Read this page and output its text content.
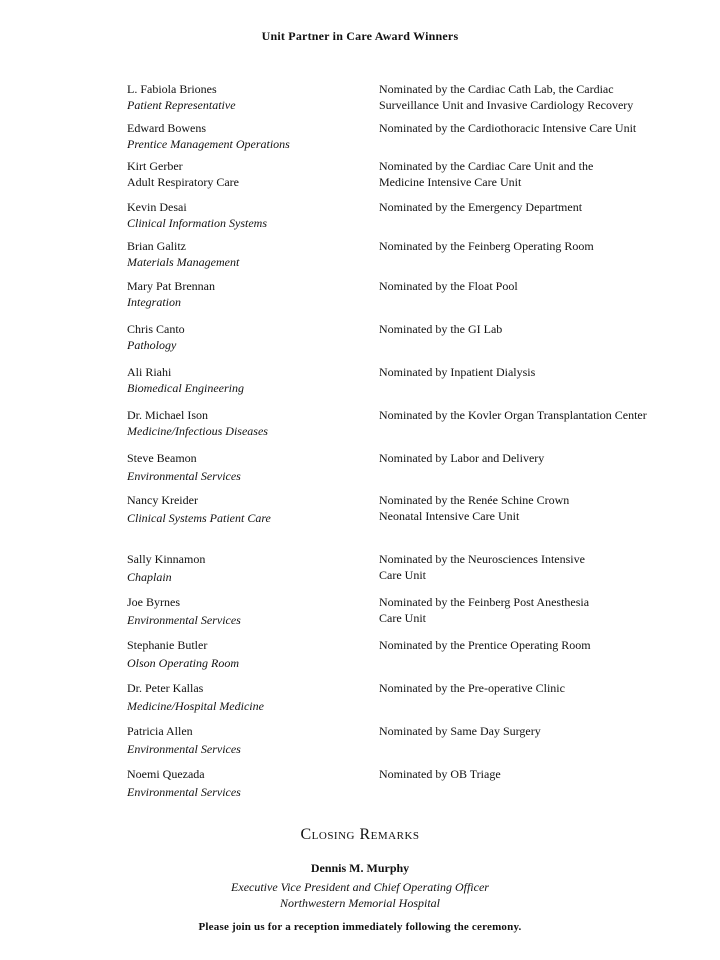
Unit Partner in Care Award Winners
L. Fabiola Briones
Patient Representative
Nominated by the Cardiac Cath Lab, the Cardiac
Surveillance Unit and Invasive Cardiology Recovery
Edward Bowens
Prentice Management Operations
Nominated by the Cardiothoracic Intensive Care Unit
Kirt Gerber
Adult Respiratory Care
Nominated by the Cardiac Care Unit and the
Medicine Intensive Care Unit
Kevin Desai
Clinical Information Systems
Nominated by the Emergency Department
Brian Galitz
Materials Management
Nominated by the Feinberg Operating Room
Mary Pat Brennan
Integration
Nominated by the Float Pool
Chris Canto
Pathology
Nominated by the GI Lab
Ali Riahi
Biomedical Engineering
Nominated by Inpatient Dialysis
Dr. Michael Ison
Medicine/Infectious Diseases
Nominated by the Kovler Organ Transplantation Center
Steve Beamon
Environmental Services
Nominated by Labor and Delivery
Nancy Kreider
Clinical Systems Patient Care
Nominated by the Renée Schine Crown
Neonatal Intensive Care Unit
Sally Kinnamon
Chaplain
Nominated by the Neurosciences Intensive
Care Unit
Joe Byrnes
Environmental Services
Nominated by the Feinberg Post Anesthesia
Care Unit
Stephanie Butler
Olson Operating Room
Nominated by the Prentice Operating Room
Dr. Peter Kallas
Medicine/Hospital Medicine
Nominated by the Pre-operative Clinic
Patricia Allen
Environmental Services
Nominated by Same Day Surgery
Noemi Quezada
Environmental Services
Nominated by OB Triage
Closing Remarks
Dennis M. Murphy
Executive Vice President and Chief Operating Officer
Northwestern Memorial Hospital
Please join us for a reception immediately following the ceremony.
